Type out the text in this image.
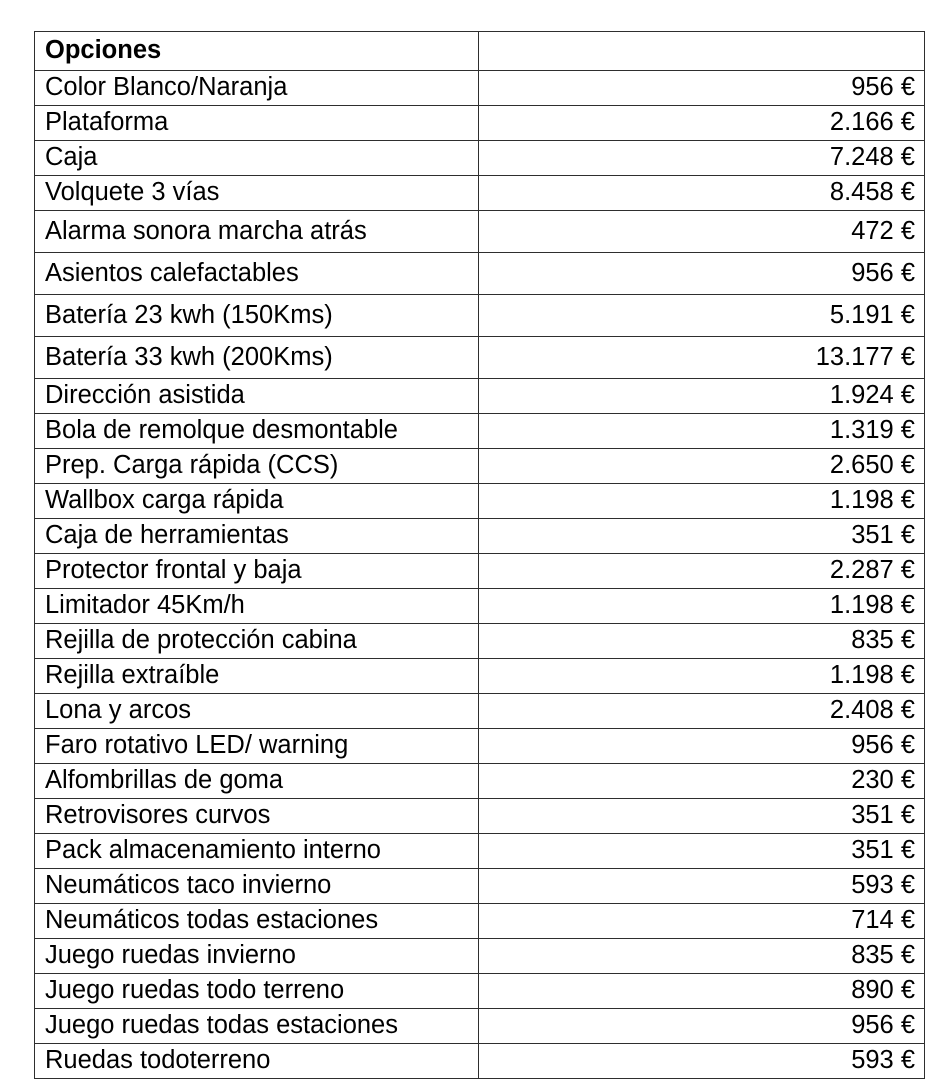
Opciones	
Color Blanco/Naranja	956 €
Plataforma	2.166 €
Caja	7.248 €
Volquete 3 vías	8.458 €
Alarma sonora marcha atrás	472 €
Asientos calefactables	956 €
Batería 23 kwh (150Kms)	5.191 €
Batería 33 kwh (200Kms)	13.177 €
Dirección asistida	1.924 €
Bola de remolque desmontable	1.319 €
Prep. Carga rápida (CCS)	2.650 €
Wallbox carga rápida	1.198 €
Caja de herramientas	351 €
Protector frontal y baja	2.287 €
Limitador 45Km/h	1.198 €
Rejilla de protección cabina	835 €
Rejilla extraíble	1.198 €
Lona y arcos	2.408 €
Faro rotativo LED/ warning	956 €
Alfombrillas de goma	230 €
Retrovisores curvos	351 €
Pack almacenamiento interno	351 €
Neumáticos taco invierno	593 €
Neumáticos todas estaciones	714 €
Juego ruedas invierno	835 €
Juego ruedas todo terreno	890 €
Juego ruedas todas estaciones	956 €
Ruedas todoterreno	593 €
